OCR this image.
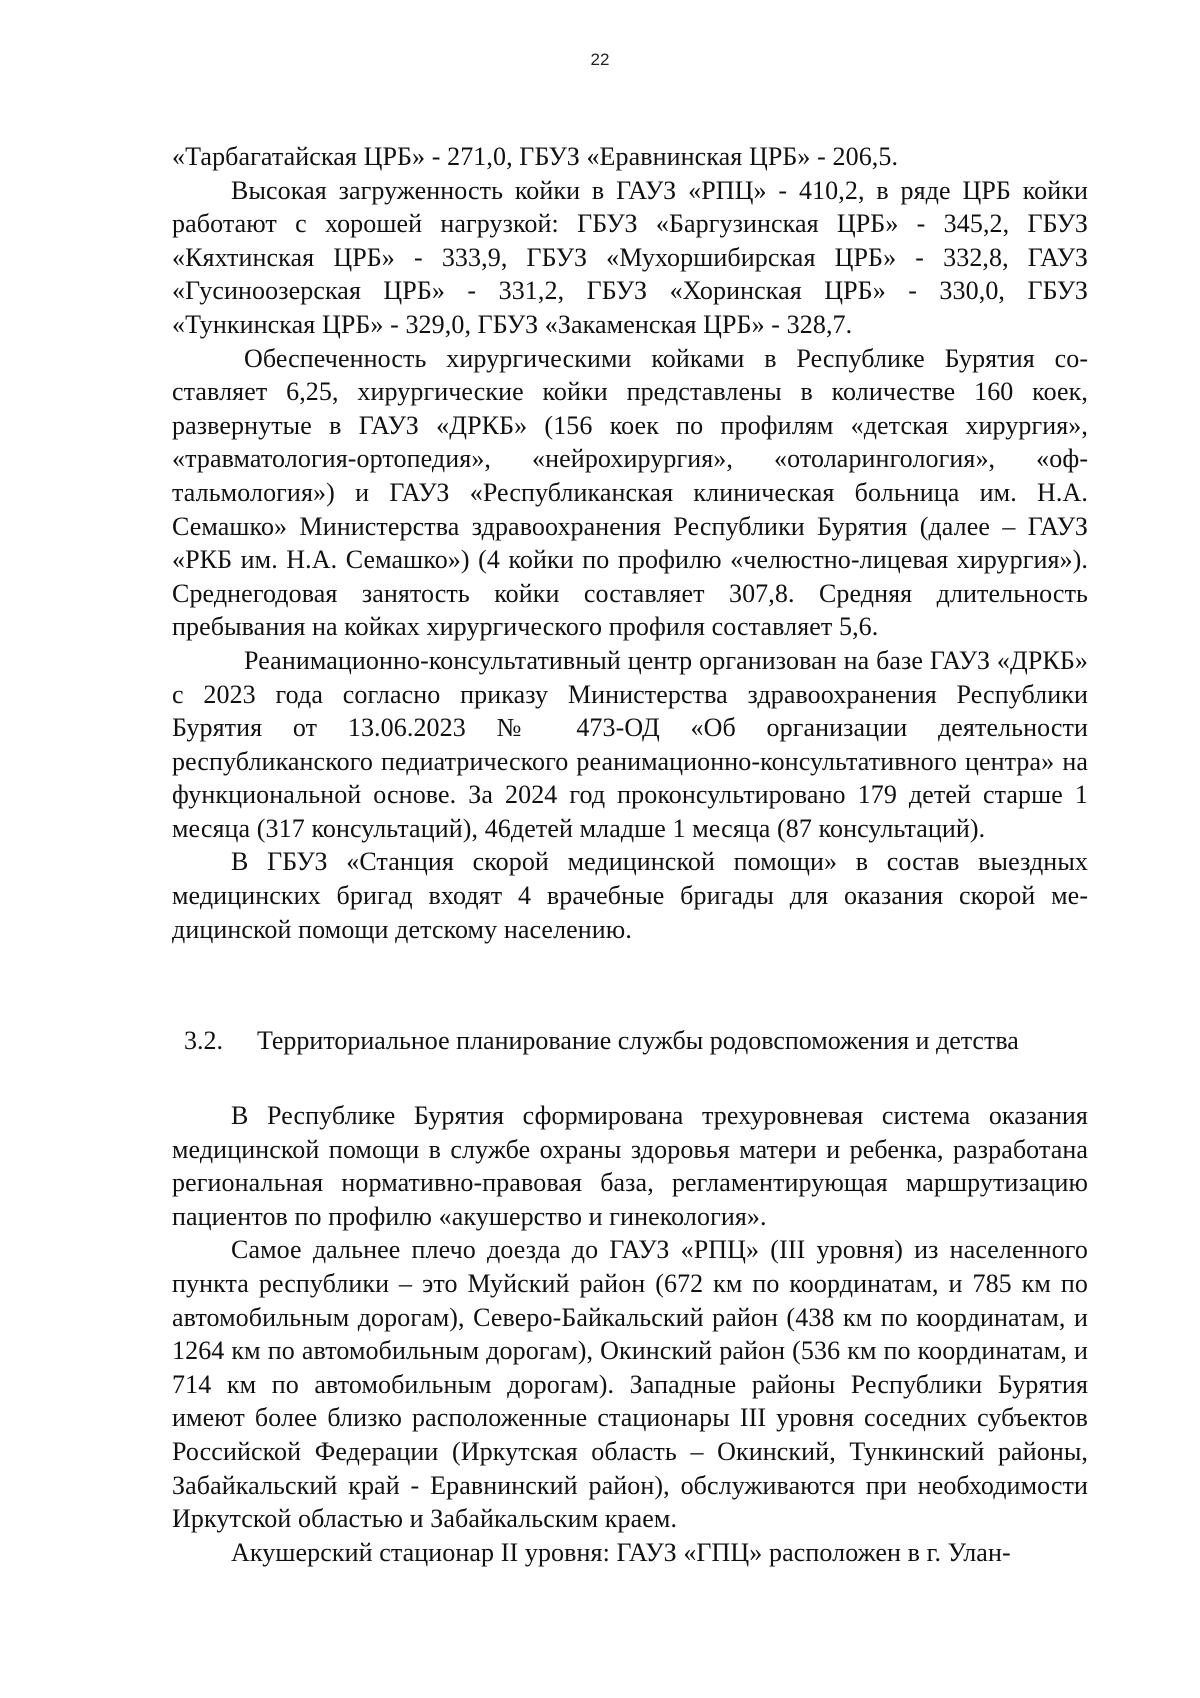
22

«Тарбагатайская ЦРБ» - 271,0, ГБУЗ «Еравнинская ЦРБ» - 206,5.

Высокая загруженность койки в ГАУЗ «РПЦ» - 410,2, в ряде ЦРБ койки работают с хорошей нагрузкой: ГБУЗ «Баргузинская ЦРБ» - 345,2, ГБУЗ «Кяхтинская ЦРБ» - 333,9, ГБУЗ «Мухоршибирская ЦРБ» - 332,8, ГАУЗ «Гусиноозерская ЦРБ» - 331,2, ГБУЗ «Хоринская ЦРБ» - 330,0, ГБУЗ «Тункинская ЦРБ» - 329,0, ГБУЗ «Закаменская ЦРБ» - 328,7.

Обеспеченность хирургическими койками в Республике Бурятия составляет 6,25, хирургические койки представлены в количестве 160 коек, развернутые в ГАУЗ «ДРКБ» (156 коек по профилям «детская хирургия», «травматология-ортопедия», «нейрохирургия», «отоларингология», «офтальмология») и ГАУЗ «Республиканская клиническая больница им. Н.А. Семашко» Министерства здравоохранения Республики Бурятия (далее – ГАУЗ «РКБ им. Н.А. Семашко») (4 койки по профилю «челюстно-лицевая хирургия»). Среднегодовая занятость койки составляет 307,8. Средняя длительность пребывания на койках хирургического профиля составляет 5,6.

Реанимационно-консультативный центр организован на базе ГАУЗ «ДРКБ» с 2023 года согласно приказу Министерства здравоохранения Республики Бурятия от 13.06.2023 № 473-ОД «Об организации деятельности республиканского педиатрического реанимационно-консультативного центра» на функциональной основе. За 2024 год проконсультировано 179 детей старше 1 месяца (317 консультаций), 46детей младше 1 месяца (87 консультаций).

В ГБУЗ «Станция скорой медицинской помощи» в состав выездных медицинских бригад входят 4 врачебные бригады для оказания скорой медицинской помощи детскому населению.

3.2. Территориальное планирование службы родовспоможения и детства

В Республике Бурятия сформирована трехуровневая система оказания медицинской помощи в службе охраны здоровья матери и ребенка, разработана региональная нормативно-правовая база, регламентирующая маршрутизацию пациентов по профилю «акушерство и гинекология».

Самое дальнее плечо доезда до ГАУЗ «РПЦ» (III уровня) из населенного пункта республики – это Муйский район (672 км по координатам, и 785 км по автомобильным дорогам), Северо-Байкальский район (438 км по координатам, и 1264 км по автомобильным дорогам), Окинский район (536 км по координатам, и 714 км по автомобильным дорогам). Западные районы Республики Бурятия имеют более близко расположенные стационары III уровня соседних субъектов Российской Федерации (Иркутская область – Окинский, Тункинский районы, Забайкальский край - Еравнинский район), обслуживаются при необходимости Иркутской областью и Забайкальским краем.

Акушерский стационар II уровня: ГАУЗ «ГПЦ» расположен в г. Улан-
